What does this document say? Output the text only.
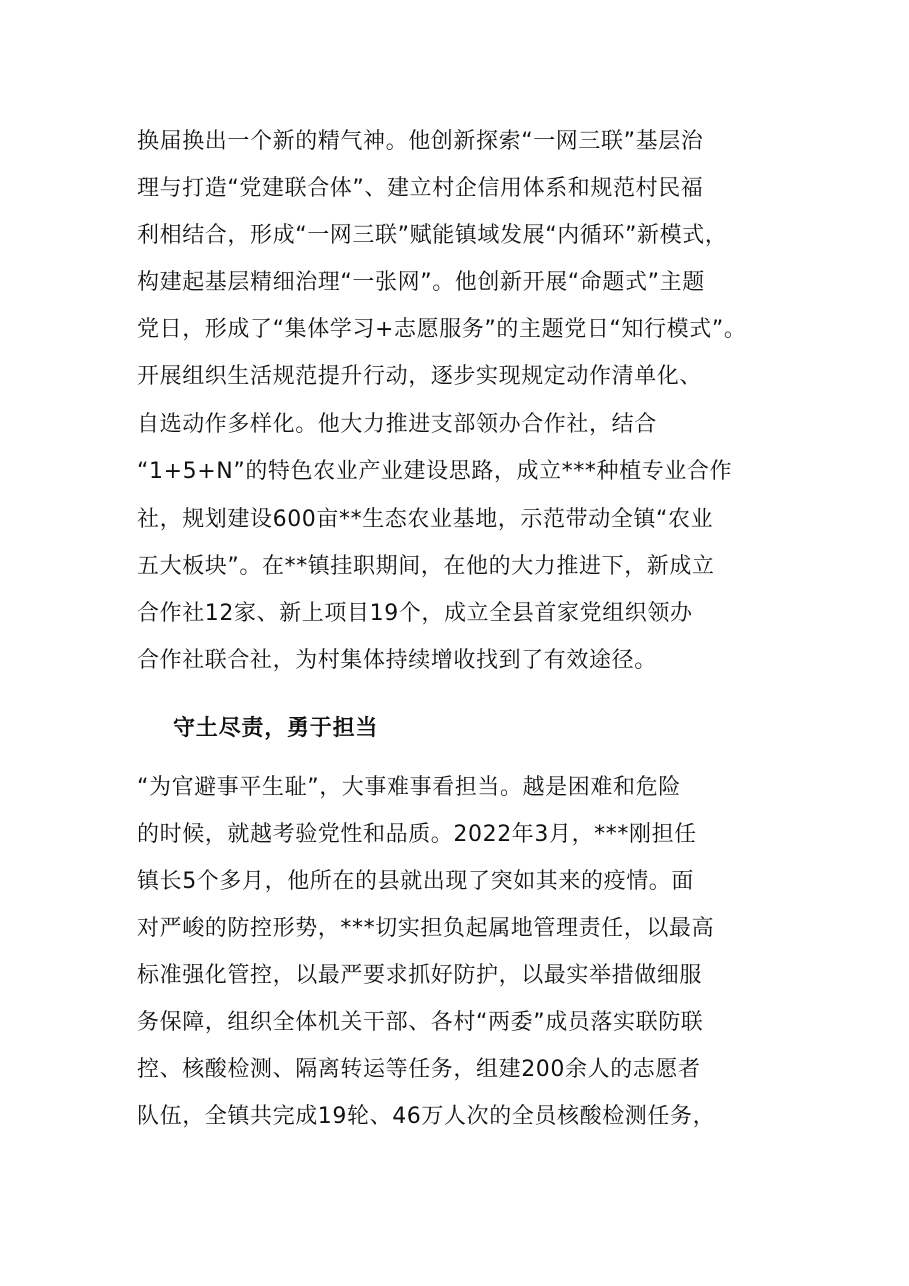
换届换出一个新的精气神。他创新探索“一网三联”基层治
理与打造“党建联合体”、建立村企信用体系和规范村民福
利相结合，形成“一网三联”赋能镇域发展“内循环”新模式，
构建起基层精细治理“一张网”。他创新开展“命题式”主题
党日，形成了“集体学习+志愿服务”的主题党日“知行模式”。
开展组织生活规范提升行动，逐步实现规定动作清单化、
自选动作多样化。他大力推进支部领办合作社，结合
“1+5+N”的特色农业产业建设思路，成立***种植专业合作
社，规划建设600亩**生态农业基地，示范带动全镇“农业
五大板块”。在**镇挂职期间，在他的大力推进下，新成立
合作社12家、新上项目19个，成立全县首家党组织领办
合作社联合社，为村集体持续增收找到了有效途径。
守土尽责，勇于担当
“为官避事平生耻”，大事难事看担当。越是困难和危险
的时候，就越考验党性和品质。2022年3月，***刚担任
镇长5个多月，他所在的县就出现了突如其来的疫情。面
对严峻的防控形势，***切实担负起属地管理责任，以最高
标准强化管控，以最严要求抓好防护，以最实举措做细服
务保障，组织全体机关干部、各村“两委”成员落实联防联
控、核酸检测、隔离转运等任务，组建200余人的志愿者
队伍，全镇共完成19轮、46万人次的全员核酸检测任务，
